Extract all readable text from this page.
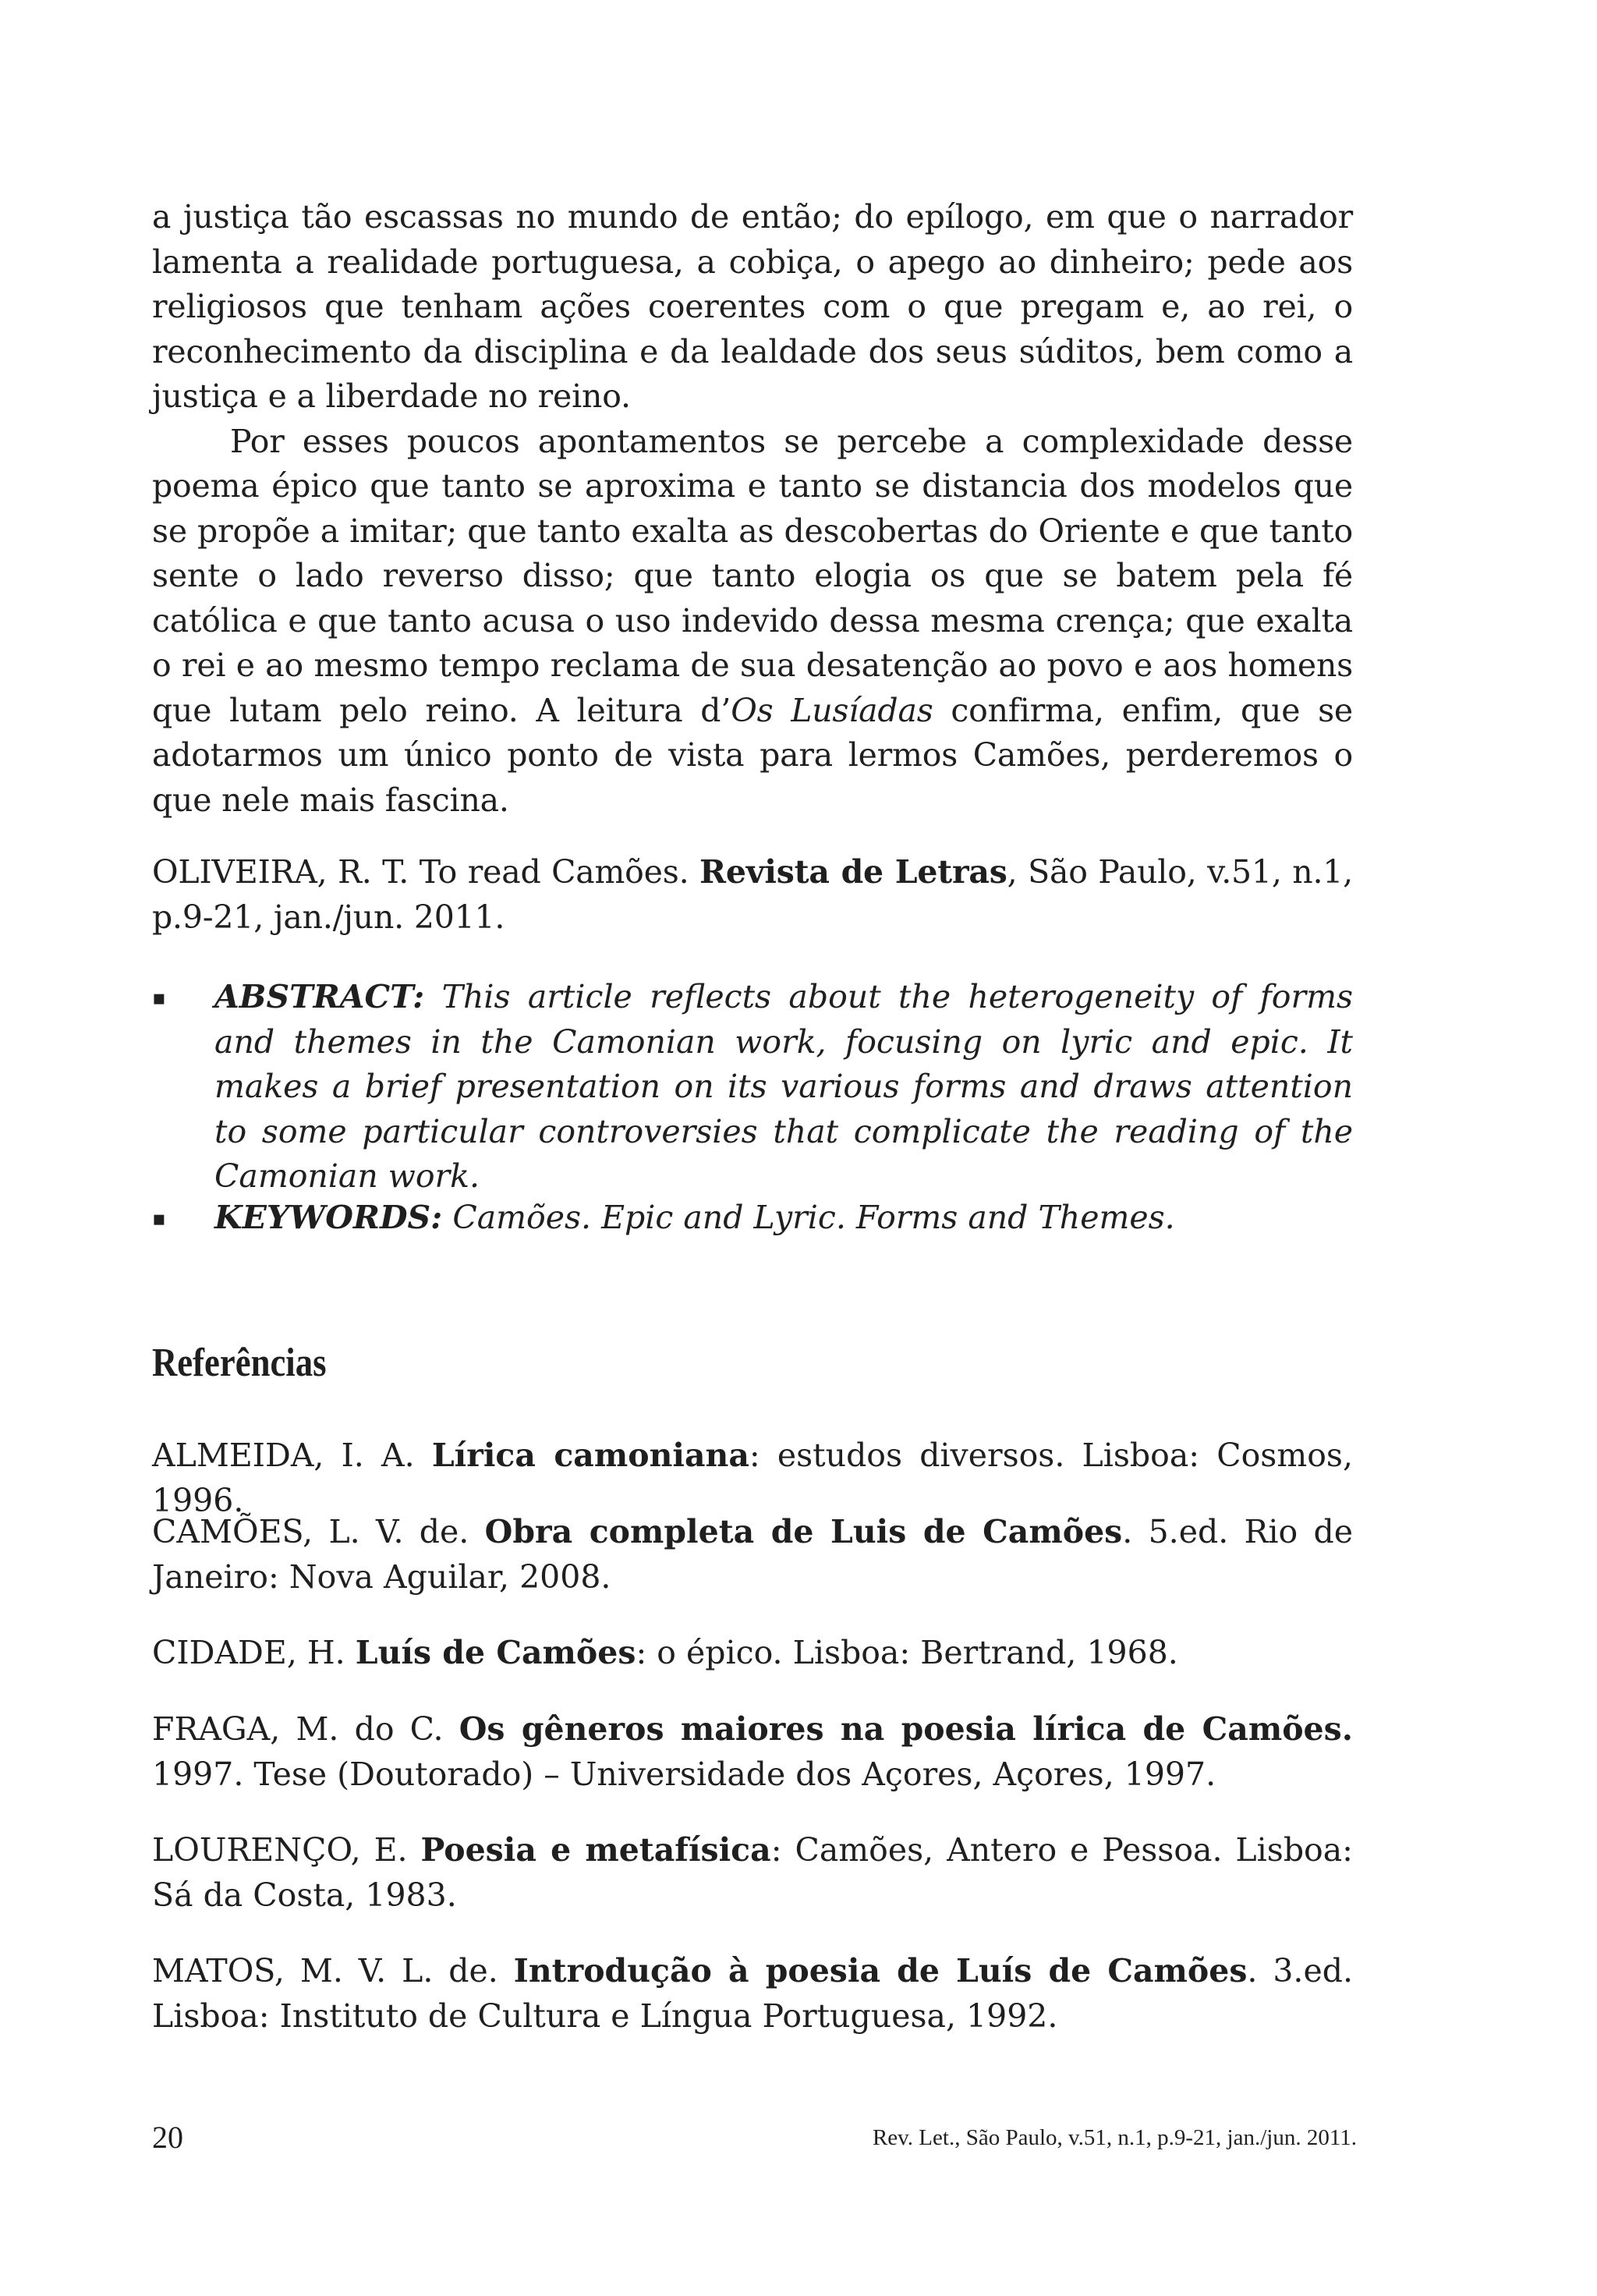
a justiça tão escassas no mundo de então; do epílogo, em que o narrador lamenta a realidade portuguesa, a cobiça, o apego ao dinheiro; pede aos religiosos que tenham ações coerentes com o que pregam e, ao rei, o reconhecimento da disciplina e da lealdade dos seus súditos, bem como a justiça e a liberdade no reino.

Por esses poucos apontamentos se percebe a complexidade desse poema épico que tanto se aproxima e tanto se distancia dos modelos que se propõe a imitar; que tanto exalta as descobertas do Oriente e que tanto sente o lado reverso disso; que tanto elogia os que se batem pela fé católica e que tanto acusa o uso indevido dessa mesma crença; que exalta o rei e ao mesmo tempo reclama de sua desatenção ao povo e aos homens que lutam pelo reino. A leitura d’Os Lusíadas confirma, enfim, que se adotarmos um único ponto de vista para lermos Camões, perderemos o que nele mais fascina.

OLIVEIRA, R. T. To read Camões. Revista de Letras, São Paulo, v.51, n.1, p.9-21, jan./jun. 2011.
▪ ABSTRACT: This article reflects about the heterogeneity of forms and themes in the Camonian work, focusing on lyric and epic. It makes a brief presentation on its various forms and draws attention to some particular controversies that complicate the reading of the Camonian work.
▪ KEYWORDS: Camões. Epic and Lyric. Forms and Themes.
Referências
ALMEIDA, I. A. Lírica camoniana: estudos diversos. Lisboa: Cosmos, 1996.
CAMÕES, L. V. de. Obra completa de Luis de Camões. 5.ed. Rio de Janeiro: Nova Aguilar, 2008.
CIDADE, H. Luís de Camões: o épico. Lisboa: Bertrand, 1968.
FRAGA, M. do C. Os gêneros maiores na poesia lírica de Camões. 1997. Tese (Doutorado) – Universidade dos Açores, Açores, 1997.
LOURENÇO, E. Poesia e metafísica: Camões, Antero e Pessoa. Lisboa: Sá da Costa, 1983.
MATOS, M. V. L. de. Introdução à poesia de Luís de Camões. 3.ed. Lisboa: Instituto de Cultura e Língua Portuguesa, 1992.
20	Rev. Let., São Paulo, v.51, n.1, p.9-21, jan./jun. 2011.
